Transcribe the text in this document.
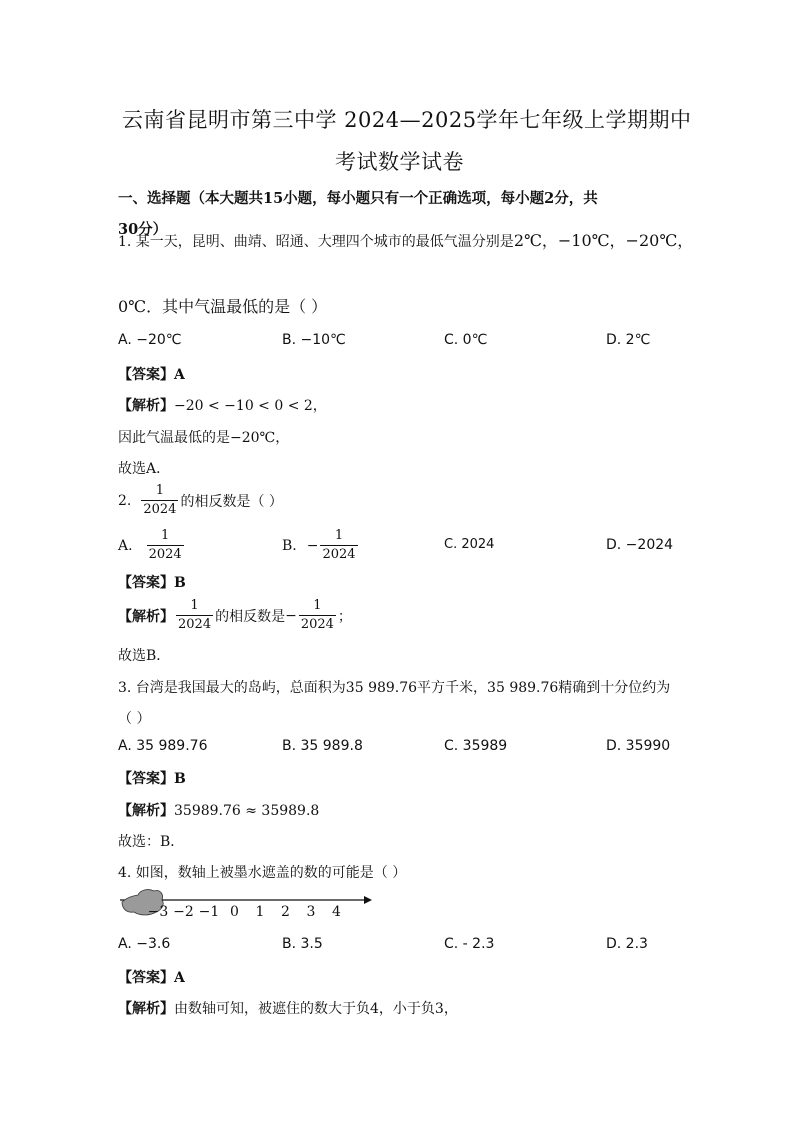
云南省昆明市第三中学 2024—2025学年七年级上学期期中
考试数学试卷
一、选择题（本大题共15小题，每小题只有一个正确选项，每小题2分，共
30分）
1. 某一天，昆明、曲靖、昭通、大理四个城市的最低气温分别是2℃，−10℃，−20℃，
0℃．其中气温最低的是（ ）
A. −20℃	B. −10℃	C. 0℃	D. 2℃
【答案】A
【解析】−20 < −10 < 0 < 2，
因此气温最低的是−20℃，
故选A．
2. $\frac{1}{2024}$ 的相反数是（ ）
A. $\frac{1}{2024}$	B. − $\frac{1}{2024}$	C. 2024	D. −2024
【答案】B
【解析】 $\frac{1}{2024}$ 的相反数是 − $\frac{1}{2024}$ ；
故选B．
3. 台湾是我国最大的岛屿，总面积为35 989.76平方千米，35 989.76精确到十分位约为
（ ）
A. 35 989.76	B. 35 989.8	C. 35989	D. 35990
【答案】B
【解析】35989.76 ≈ 35989.8
故选：B．
4. 如图，数轴上被墨水遮盖的数的可能是（ ）
−3 −2 −1 0 1 2 3 4
A. −3.6	B. 3.5	C. - 2.3	D. 2.3
【答案】A
【解析】由数轴可知，被遮住的数大于负4，小于负3，
